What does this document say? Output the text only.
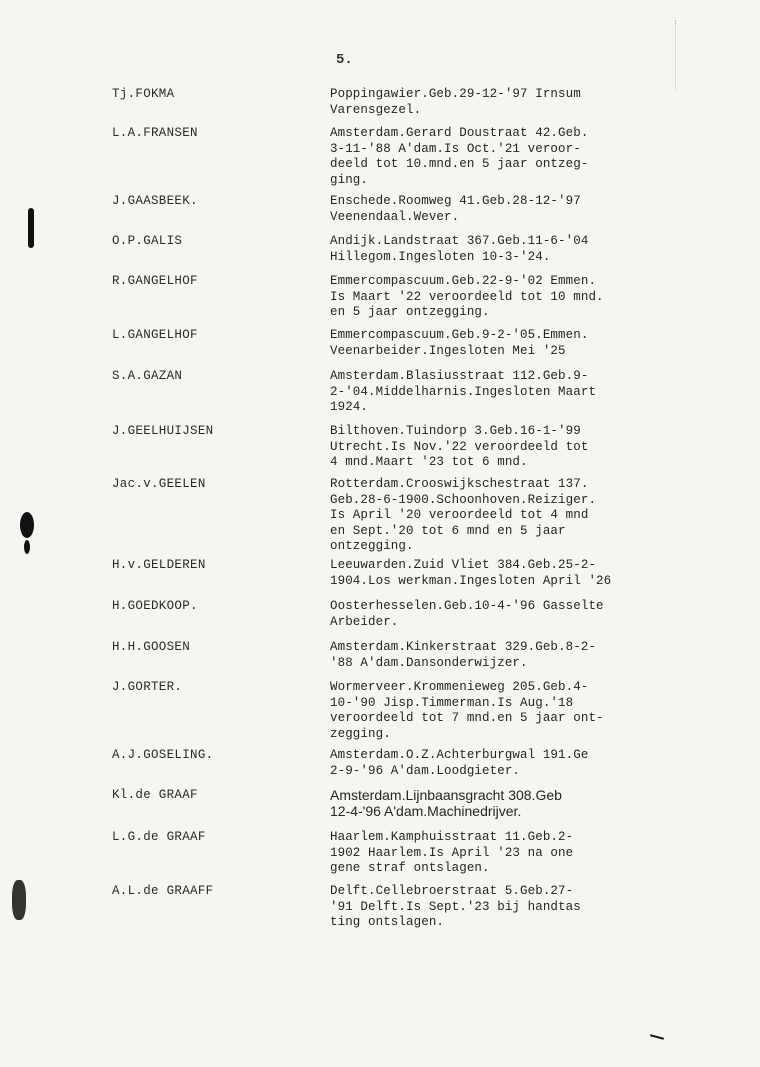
5.
Tj.FOKMA	Poppingawier.Geb.29-12-'97 Irnsum
Varensgezel.
L.A.FRANSEN	Amsterdam.Gerard Doustraat 42.Geb.
3-11-'88 A'dam.Is Oct.'21 veroor-
deeld tot 10.mnd.en 5 jaar ontzeg-
ging.
J.GAASBEEK.	Enschede.Roomweg 41.Geb.28-12-'97
Veenendaal.Wever.
O.P.GALIS	Andijk.Landstraat 367.Geb.11-6-'04
Hillegom.Ingesloten 10-3-'24.
R.GANGELHOF	Emmercompascuum.Geb.22-9-'02 Emmen.
Is Maart '22 veroordeeld tot 10 mnd.
en 5 jaar ontzegging.
L.GANGELHOF	Emmercompascuum.Geb.9-2-'05.Emmen.
Veenarbeider.Ingesloten Mei '25
S.A.GAZAN	Amsterdam.Blasiusstraat 112.Geb.9-
2-'04.Middelharnis.Ingesloten Maart
1924.
J.GEELHUIJSEN	Bilthoven.Tuindorp 3.Geb.16-1-'99
Utrecht.Is Nov.'22 veroordeeld tot
4 mnd.Maart '23 tot 6 mnd.
Jac.v.GEELEN	Rotterdam.Crooswijkschestraat 137.
Geb.28-6-1900.Schoonhoven.Reiziger.
Is April '20 veroordeeld tot 4 mnd
en Sept.'20 tot 6 mnd en 5 jaar
ontzegging.
H.v.GELDEREN	Leeuwarden.Zuid Vliet 384.Geb.25-2-
1904.Los werkman.Ingesloten April '26
H.GOEDKOOP.	Oosterhesselen.Geb.10-4-'96 Gasselte
Arbeider.
H.H.GOOSEN	Amsterdam.Kinkerstraat 329.Geb.8-2-
'88 A'dam.Dansonderwijzer.
J.GORTER.	Wormerveer.Krommenieweg 205.Geb.4-
10-'90 Jisp.Timmerman.Is Aug.'18
veroordeeld tot 7 mnd.en 5 jaar ont-
zegging.
A.J.GOSELING.	Amsterdam.O.Z.Achterburgwal 191.Ge
2-9-'96 A'dam.Loodgieter.
Kl.de GRAAF	Amsterdam.Lijnbaansgracht 308.Geb
12-4-'96 A'dam.Machinedrijver.
L.G.de GRAAF	Haarlem.Kamphuisstraat 11.Geb.2-
1902 Haarlem.Is April '23 na one
gene straf ontslagen.
A.L.de GRAAFF	Delft.Cellebroerstraat 5.Geb.27-
'91 Delft.Is Sept.'23 bij handtas
ting ontslagen.
